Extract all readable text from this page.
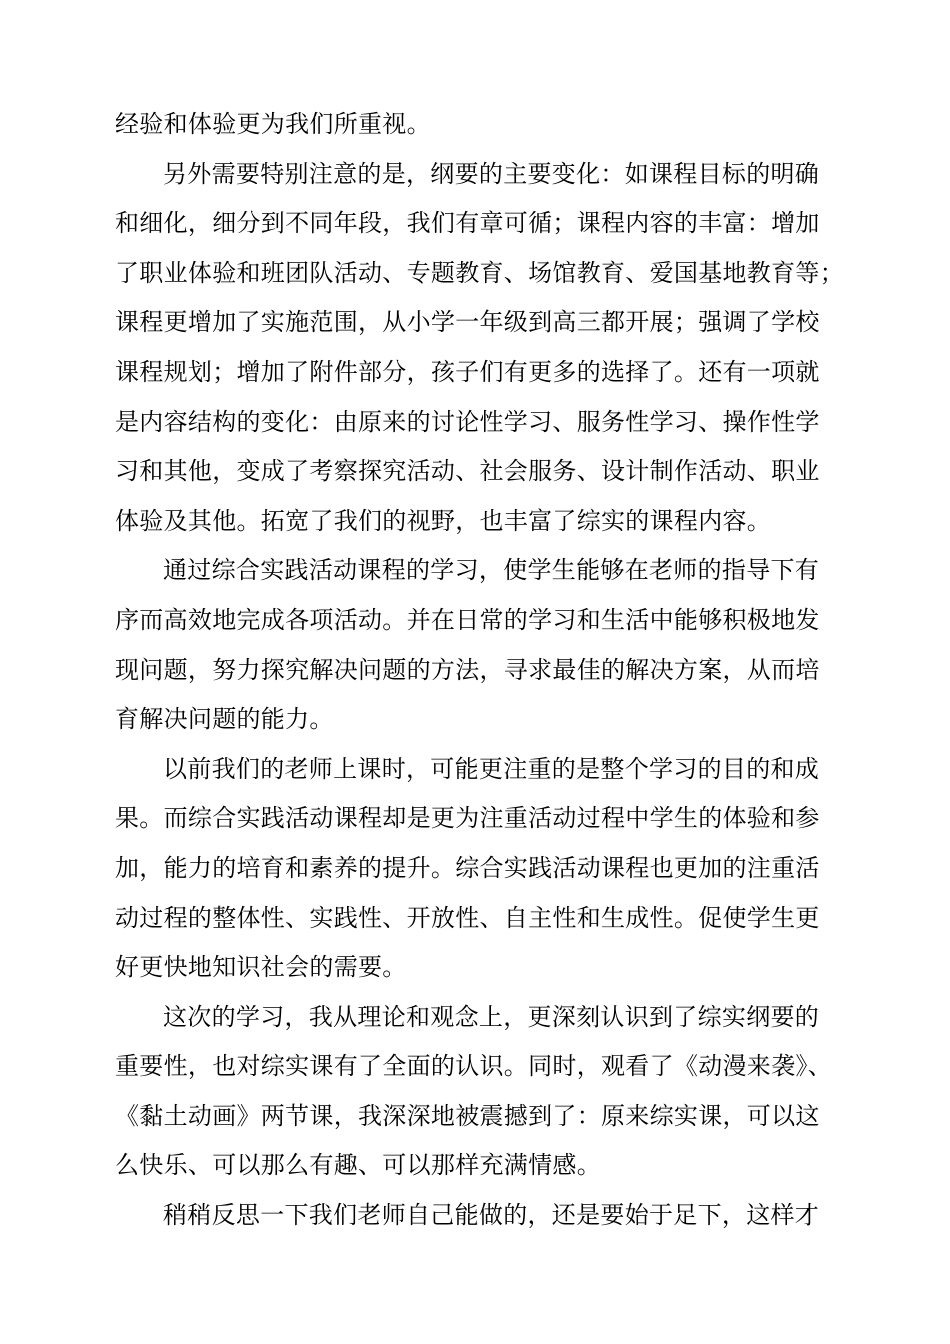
经验和体验更为我们所重视。
另外需要特别注意的是，纲要的主要变化：如课程目标的明确
和细化，细分到不同年段，我们有章可循；课程内容的丰富：增加
了职业体验和班团队活动、专题教育、场馆教育、爱国基地教育等；
课程更增加了实施范围，从小学一年级到高三都开展；强调了学校
课程规划；增加了附件部分，孩子们有更多的选择了。还有一项就
是内容结构的变化：由原来的讨论性学习、服务性学习、操作性学
习和其他，变成了考察探究活动、社会服务、设计制作活动、职业
体验及其他。拓宽了我们的视野，也丰富了综实的课程内容。
通过综合实践活动课程的学习，使学生能够在老师的指导下有
序而高效地完成各项活动。并在日常的学习和生活中能够积极地发
现问题，努力探究解决问题的方法，寻求最佳的解决方案，从而培
育解决问题的能力。
以前我们的老师上课时，可能更注重的是整个学习的目的和成
果。而综合实践活动课程却是更为注重活动过程中学生的体验和参
加，能力的培育和素养的提升。综合实践活动课程也更加的注重活
动过程的整体性、实践性、开放性、自主性和生成性。促使学生更
好更快地知识社会的需要。
这次的学习，我从理论和观念上，更深刻认识到了综实纲要的
重要性，也对综实课有了全面的认识。同时，观看了《动漫来袭》、
《黏土动画》两节课，我深深地被震撼到了：原来综实课，可以这
么快乐、可以那么有趣、可以那样充满情感。
稍稍反思一下我们老师自己能做的，还是要始于足下，这样才
